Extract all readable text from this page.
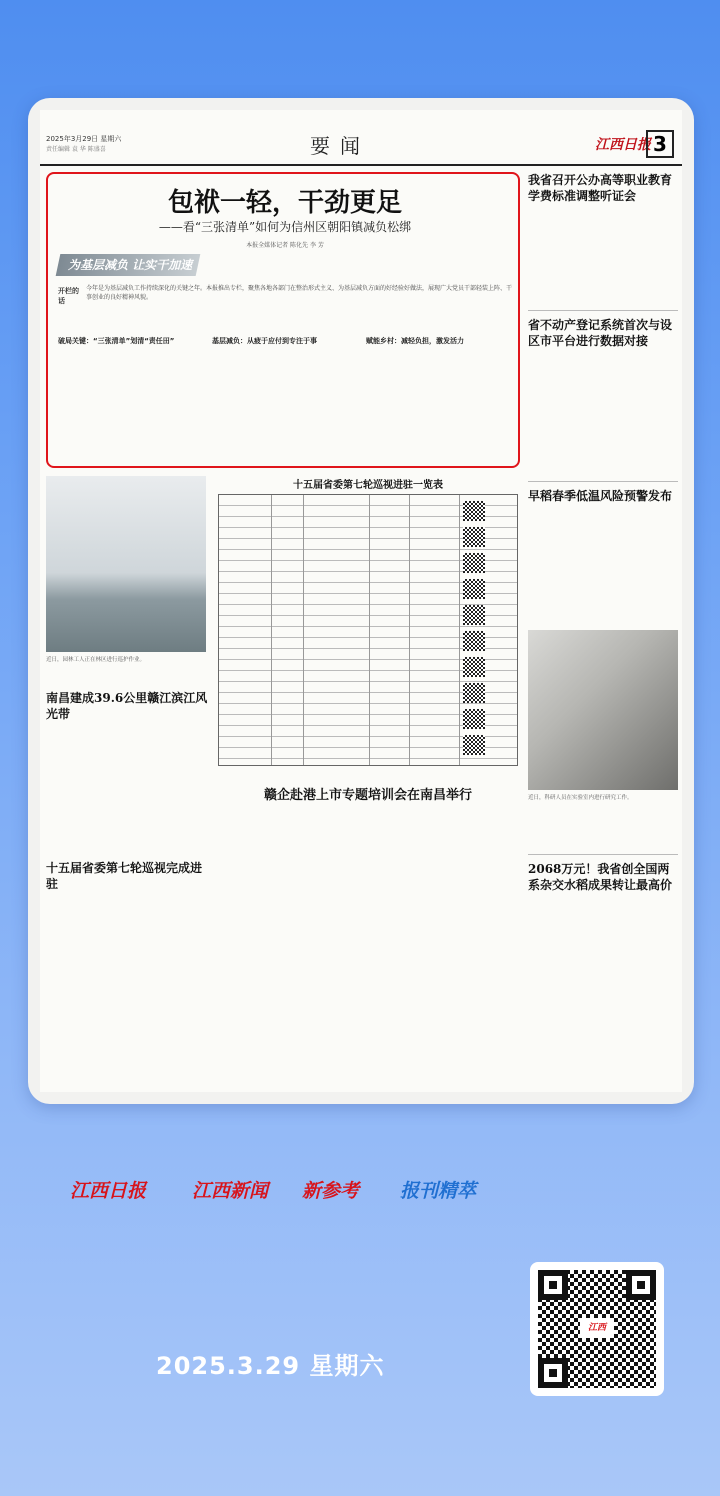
2025年3月29日 星期六
责任编辑 袁 华 陈盛喜	要闻	江西日报 3
包袱一轻，干劲更足
——看“三张清单”如何为信州区朝阳镇减负松绑
本报全媒体记者 陈化先 李 芳
为基层减负 让实干加速
开栏的话
今年是为基层减负工作持续深化的关键之年。本报推出专栏，聚焦各地各部门在整治形式主义、为基层减负方面的好经验好做法，展现广大党员干部轻装上阵、干事创业的良好精神风貌。
破局关键：“三张清单”划清“责任田”	基层减负：从疲于应付到专注于事	赋能乡村：减轻负担，激发活力
我省召开公办高等职业教育学费标准调整听证会
省不动产登记系统首次与设区市平台进行数据对接
早稻春季低温风险预警发布
近日，园林工人正在林区进行巡护作业。
南昌建成39.6公里赣江滨江风光带
十五届省委第七轮巡视完成进驻
十五届省委第七轮巡视进驻一览表
近日，科研人员在实验室内进行研究工作。
赣企赴港上市专题培训会在南昌举行
2068万元！我省创全国两系杂交水稻成果转让最高价
江西日报 江西新闻 新参考 报刊精萃
2025.3.29 星期六
江西
